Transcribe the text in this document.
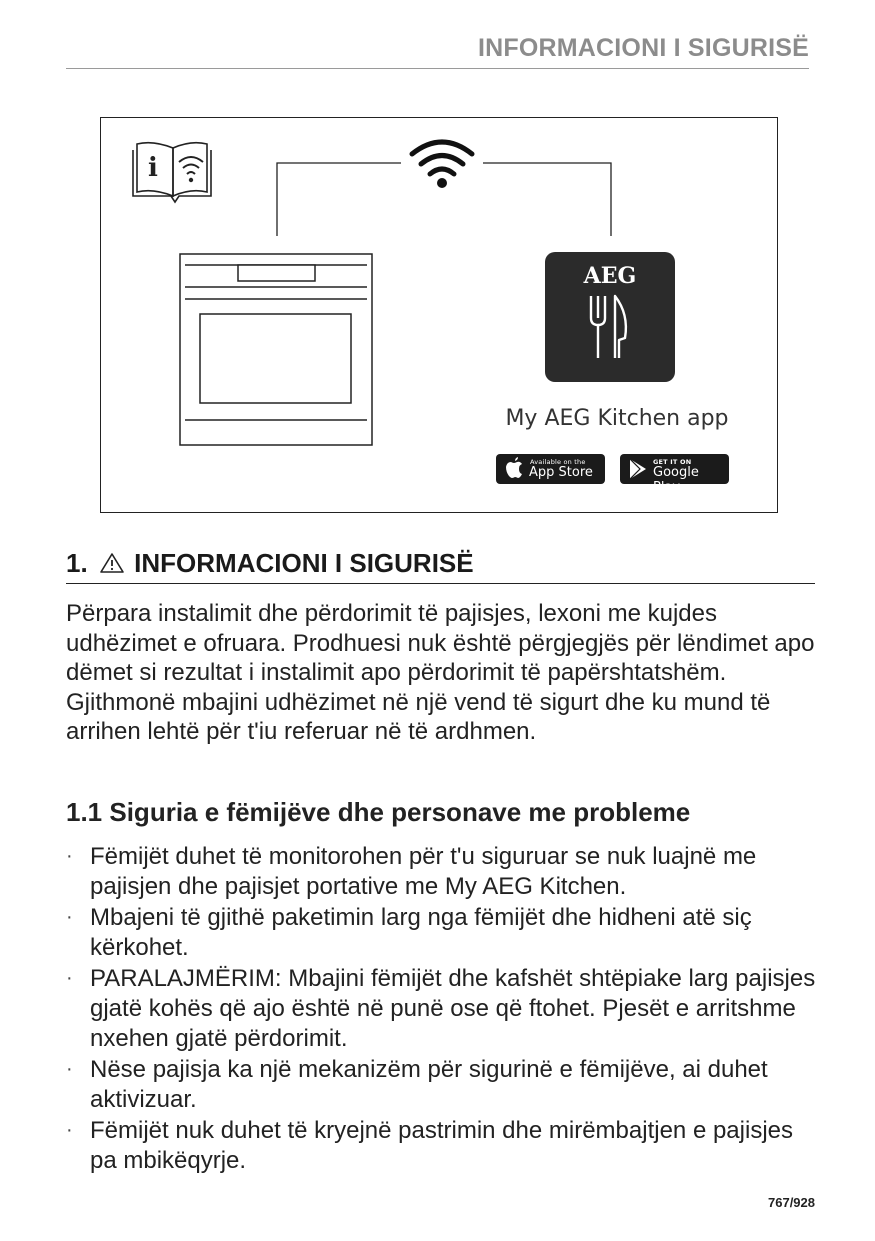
INFORMACIONI I SIGURISË
i
AEG
My AEG Kitchen app
Available on the
App Store
GET IT ON
Google Play
1. INFORMACIONI I SIGURISË

Përpara instalimit dhe përdorimit të pajisjes, lexoni me kujdes udhëzimet e ofruara. Prodhuesi nuk është përgjegjës për lëndimet apo dëmet si rezultat i instalimit apo përdorimit të papërshtatshëm. Gjithmonë mbajini udhëzimet në një vend të sigurt dhe ku mund të arrihen lehtë për t'iu referuar në të ardhmen.

1.1 Siguria e fëmijëve dhe personave me probleme
· Fëmijët duhet të monitorohen për t'u siguruar se nuk luajnë me pajisjen dhe pajisjet portative me My AEG Kitchen.
· Mbajeni të gjithë paketimin larg nga fëmijët dhe hidheni atë siç kërkohet.
· PARALAJMËRIM: Mbajini fëmijët dhe kafshët shtëpiake larg pajisjes gjatë kohës që ajo është në punë ose që ftohet. Pjesët e arritshme nxehen gjatë përdorimit.
· Nëse pajisja ka një mekanizëm për sigurinë e fëmijëve, ai duhet aktivizuar.
· Fëmijët nuk duhet të kryejnë pastrimin dhe mirëmbajtjen e pajisjes pa mbikëqyrje.
767/928
